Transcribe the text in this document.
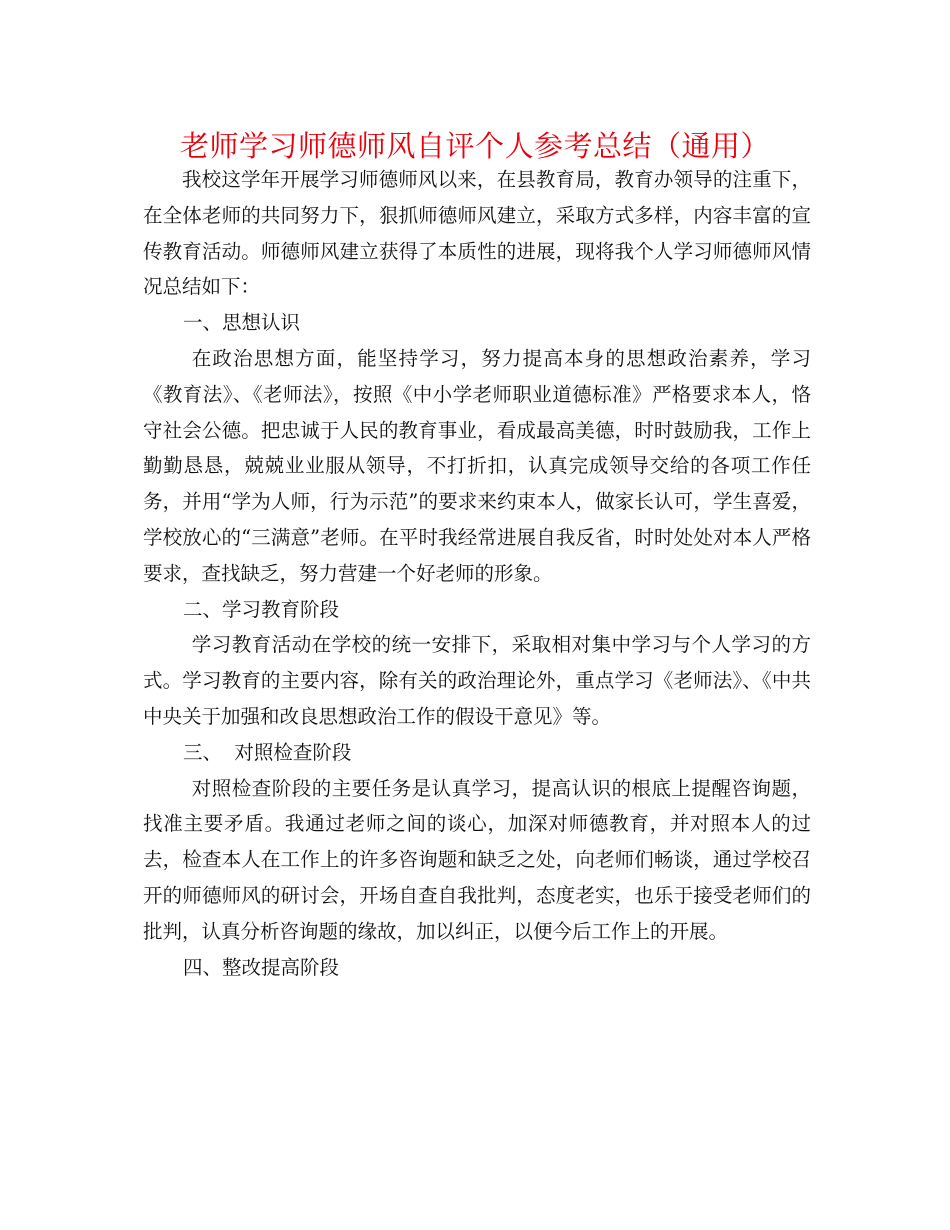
老师学习师德师风自评个人参考总结（通用）

我校这学年开展学习师德师风以来，在县教育局，教育办领导的注重下，在全体老师的共同努力下，狠抓师德师风建立，采取方式多样，内容丰富的宣传教育活动。师德师风建立获得了本质性的进展，现将我个人学习师德师风情况总结如下：

一、思想认识

在政治思想方面，能坚持学习，努力提高本身的思想政治素养，学习《教育法》、《老师法》，按照《中小学老师职业道德标准》严格要求本人，恪守社会公德。把忠诚于人民的教育事业，看成最高美德，时时鼓励我，工作上勤勤恳恳，兢兢业业服从领导，不打折扣，认真完成领导交给的各项工作任务，并用“学为人师，行为示范”的要求来约束本人，做家长认可，学生喜爱，学校放心的“三满意”老师。在平时我经常进展自我反省，时时处处对本人严格要求，查找缺乏，努力营建一个好老师的形象。

二、学习教育阶段

学习教育活动在学校的统一安排下，采取相对集中学习与个人学习的方式。学习教育的主要内容，除有关的政治理论外，重点学习《老师法》、《中共中央关于加强和改良思想政治工作的假设干意见》等。

三、  对照检查阶段

对照检查阶段的主要任务是认真学习，提高认识的根底上提醒咨询题，找准主要矛盾。我通过老师之间的谈心，加深对师德教育，并对照本人的过去，检查本人在工作上的许多咨询题和缺乏之处，向老师们畅谈，通过学校召开的师德师风的研讨会，开场自查自我批判，态度老实，也乐于接受老师们的批判，认真分析咨询题的缘故，加以纠正，以便今后工作上的开展。

四、整改提高阶段
